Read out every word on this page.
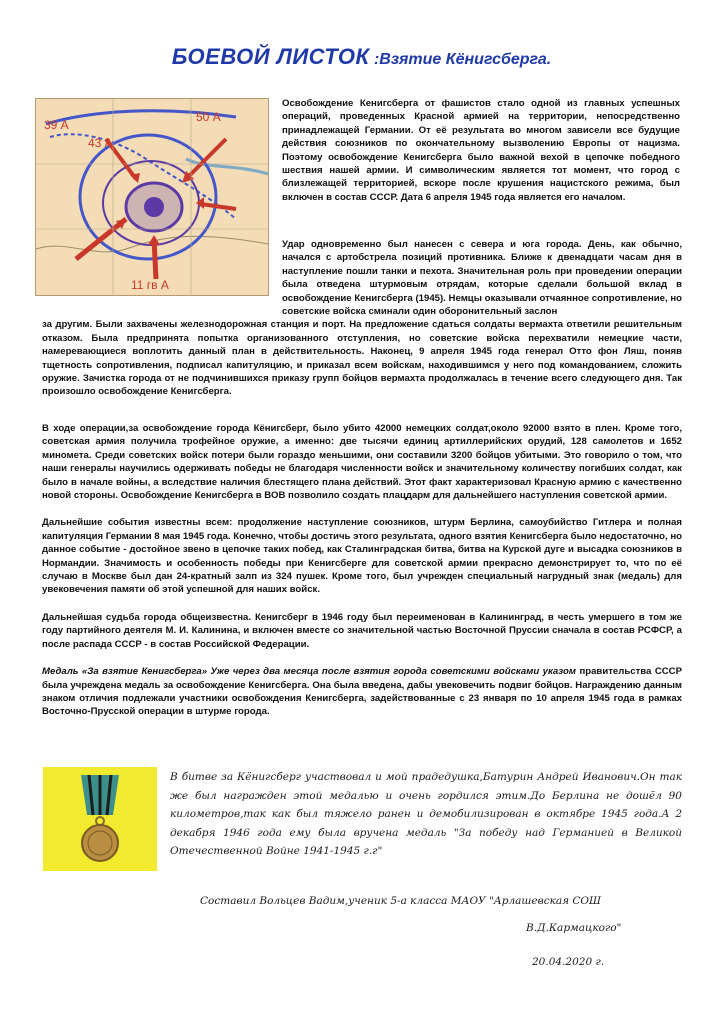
БОЕВОЙ ЛИСТОК :Взятие Кёнигсберга.
39 А
43 А
50 А
11 гв А

Освобождение Кенигсберга от фашистов стало одной из главных успешных операций, проведенных Красной армией на территории, непосредственно принадлежащей Германии. От её результата во многом зависели все будущие действия союзников по окончательному вызволению Европы от нацизма. Поэтому освобождение Кенигсберга было важной вехой в цепочке победного шествия нашей армии. И символическим является тот момент, что город с близлежащей территорией, вскоре после крушения нацистского режима, был включен в состав СССР. Дата 6 апреля 1945 года является его началом.

Удар одновременно был нанесен с севера и юга города. День, как обычно, начался с артобстрела позиций противника. Ближе к двенадцати часам дня в наступление пошли танки и пехота. Значительная роль при проведении операции была отведена штурмовым отрядам, которые сделали большой вклад в освобождение Кенигсберга (1945). Немцы оказывали отчаянное сопротивление, но советские войска сминали один оборонительный заслон
за другим. Были захвачены железнодорожная станция и порт. На предложение сдаться солдаты вермахта ответили решительным отказом. Была предпринята попытка организованного отступления, но советские войска перехватили немецкие части, намеревающиеся воплотить данный план в действительность. Наконец, 9 апреля 1945 года генерал Отто фон Ляш, поняв тщетность сопротивления, подписал капитуляцию, и приказал всем войскам, находившимся у него под командованием, сложить оружие. Зачистка города от не подчинившихся приказу групп бойцов вермахта продолжалась в течение всего следующего дня. Так произошло освобождение Кенигсберга.

В ходе операции,за освобождение города Кёнигсберг, было убито 42000 немецких солдат,около 92000 взято в плен. Кроме того, советская армия получила трофейное оружие, а именно: две тысячи единиц артиллерийских орудий, 128 самолетов и 1652 минометa. Среди советских войск потери были гораздо меньшими, они составили 3200 бойцов убитыми. Это говорило о том, что наши генералы научились одерживать победы не благодаря численности войск и значительному количеству погибших солдат, как было в начале войны, а вследствие наличия блестящего плана действий. Этот факт характеризовал Красную армию с качественно новой стороны. Освобождение Кенигсберга в ВОВ позволило создать плацдарм для дальнейшего наступления советской армии.

Дальнейшие события известны всем: продолжение наступление союзников, штурм Берлина, самоубийство Гитлера и полная капитуляция Германии 8 мая 1945 года. Конечно, чтобы достичь этого результата, одного взятия Кенигсберга было недостаточно, но данное событие - достойное звено в цепочке таких побед, как Сталинградская битва, битва на Курской дуге и высадка союзников в Нормандии. Значимость и особенность победы при Кенигсберге для советской армии прекрасно демонстрирует то, что по её случаю в Москве был дан 24-кратный залп из 324 пушек. Кроме того, был учрежден специальный нагрудный знак (медаль) для увековечения памяти об этой успешной для наших войск.

Дальнейшая судьба города общеизвестна. Кенигсберг в 1946 году был переименован в Калининград, в честь умершего в том же году партийного деятеля М. И. Калинина, и включен вместе со значительной частью Восточной Пруссии сначала в состав РСФСР, а после распада СССР - в состав Российской Федерации.

Медаль «За взятие Кенигсберга» Уже через два месяца после взятия города советскими войсками указом правительства СССР была учреждена медаль за освобождение Кенигсберга. Она была введена, дабы увековечить подвиг бойцов. Награждению данным знаком отличия подлежали участники освобождения Кенигсберга, задействованные с 23 января по 10 апреля 1945 года в рамках Восточно-Прусской операции в штурме города.

В битве за Кёнигсберг участвовал и мой прадедушка,Батурин Андрей Иванович.Он так же был награжден этой медалью и очень гордился этим.До Берлина не дошёл 90 километров,так как был тяжело ранен и демобилизирован в октябре 1945 года.А 2 декабря 1946 года ему была вручена медаль "За победу над Германией в Великой Отечественной Войне 1941-1945 г.г"
Составил Вольцев Вадим,ученик 5-а класса МАОУ "Арлашевская СОШ
В.Д.Кармацкого"
20.04.2020 г.
